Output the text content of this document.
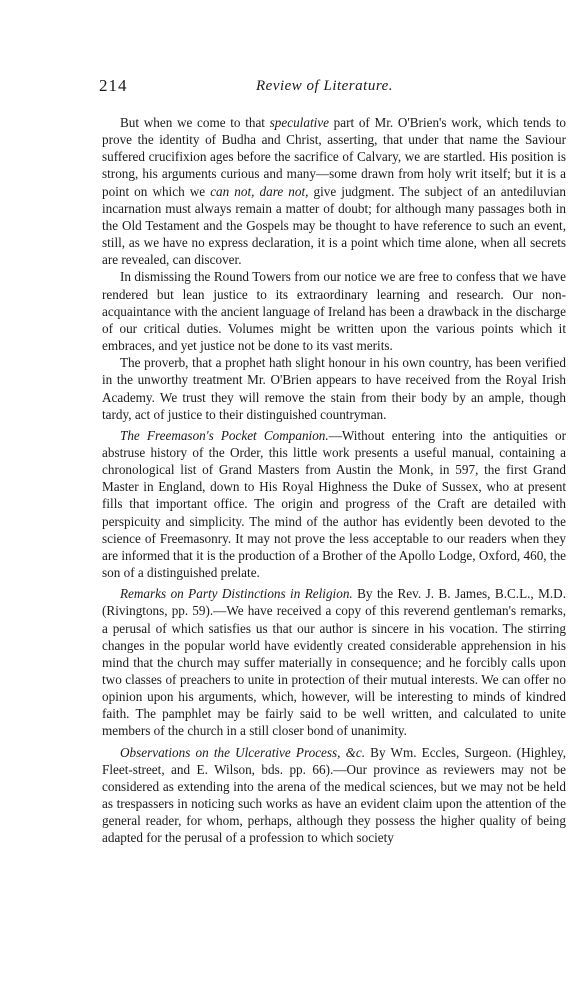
214	Review of Literature.

But when we come to that speculative part of Mr. O'Brien's work, which tends to prove the identity of Budha and Christ, asserting, that under that name the Saviour suffered crucifixion ages before the sacrifice of Calvary, we are startled. His position is strong, his arguments curious and many—some drawn from holy writ itself; but it is a point on which we can not, dare not, give judgment. The subject of an antediluvian incarnation must always remain a matter of doubt; for although many passages both in the Old Testament and the Gospels may be thought to have reference to such an event, still, as we have no express declaration, it is a point which time alone, when all secrets are revealed, can discover.

In dismissing the Round Towers from our notice we are free to confess that we have rendered but lean justice to its extraordinary learning and research. Our non-acquaintance with the ancient language of Ireland has been a drawback in the discharge of our critical duties. Volumes might be written upon the various points which it embraces, and yet justice not be done to its vast merits.

The proverb, that a prophet hath slight honour in his own country, has been verified in the unworthy treatment Mr. O'Brien appears to have received from the Royal Irish Academy. We trust they will remove the stain from their body by an ample, though tardy, act of justice to their distinguished countryman.

The Freemason's Pocket Companion.—Without entering into the antiquities or abstruse history of the Order, this little work presents a useful manual, containing a chronological list of Grand Masters from Austin the Monk, in 597, the first Grand Master in England, down to His Royal Highness the Duke of Sussex, who at present fills that important office. The origin and progress of the Craft are detailed with perspicuity and simplicity. The mind of the author has evidently been devoted to the science of Freemasonry. It may not prove the less acceptable to our readers when they are informed that it is the production of a Brother of the Apollo Lodge, Oxford, 460, the son of a distinguished prelate.

Remarks on Party Distinctions in Religion. By the Rev. J. B. James, B.C.L., M.D. (Rivingtons, pp. 59).—We have received a copy of this reverend gentleman's remarks, a perusal of which satisfies us that our author is sincere in his vocation. The stirring changes in the popular world have evidently created considerable apprehension in his mind that the church may suffer materially in consequence; and he forcibly calls upon two classes of preachers to unite in protection of their mutual interests. We can offer no opinion upon his arguments, which, however, will be interesting to minds of kindred faith. The pamphlet may be fairly said to be well written, and calculated to unite members of the church in a still closer bond of unanimity.

Observations on the Ulcerative Process, &c. By Wm. Eccles, Surgeon. (Highley, Fleet-street, and E. Wilson, bds. pp. 66).—Our province as reviewers may not be considered as extending into the arena of the medical sciences, but we may not be held as trespassers in noticing such works as have an evident claim upon the attention of the general reader, for whom, perhaps, although they possess the higher quality of being adapted for the perusal of a profession to which society
